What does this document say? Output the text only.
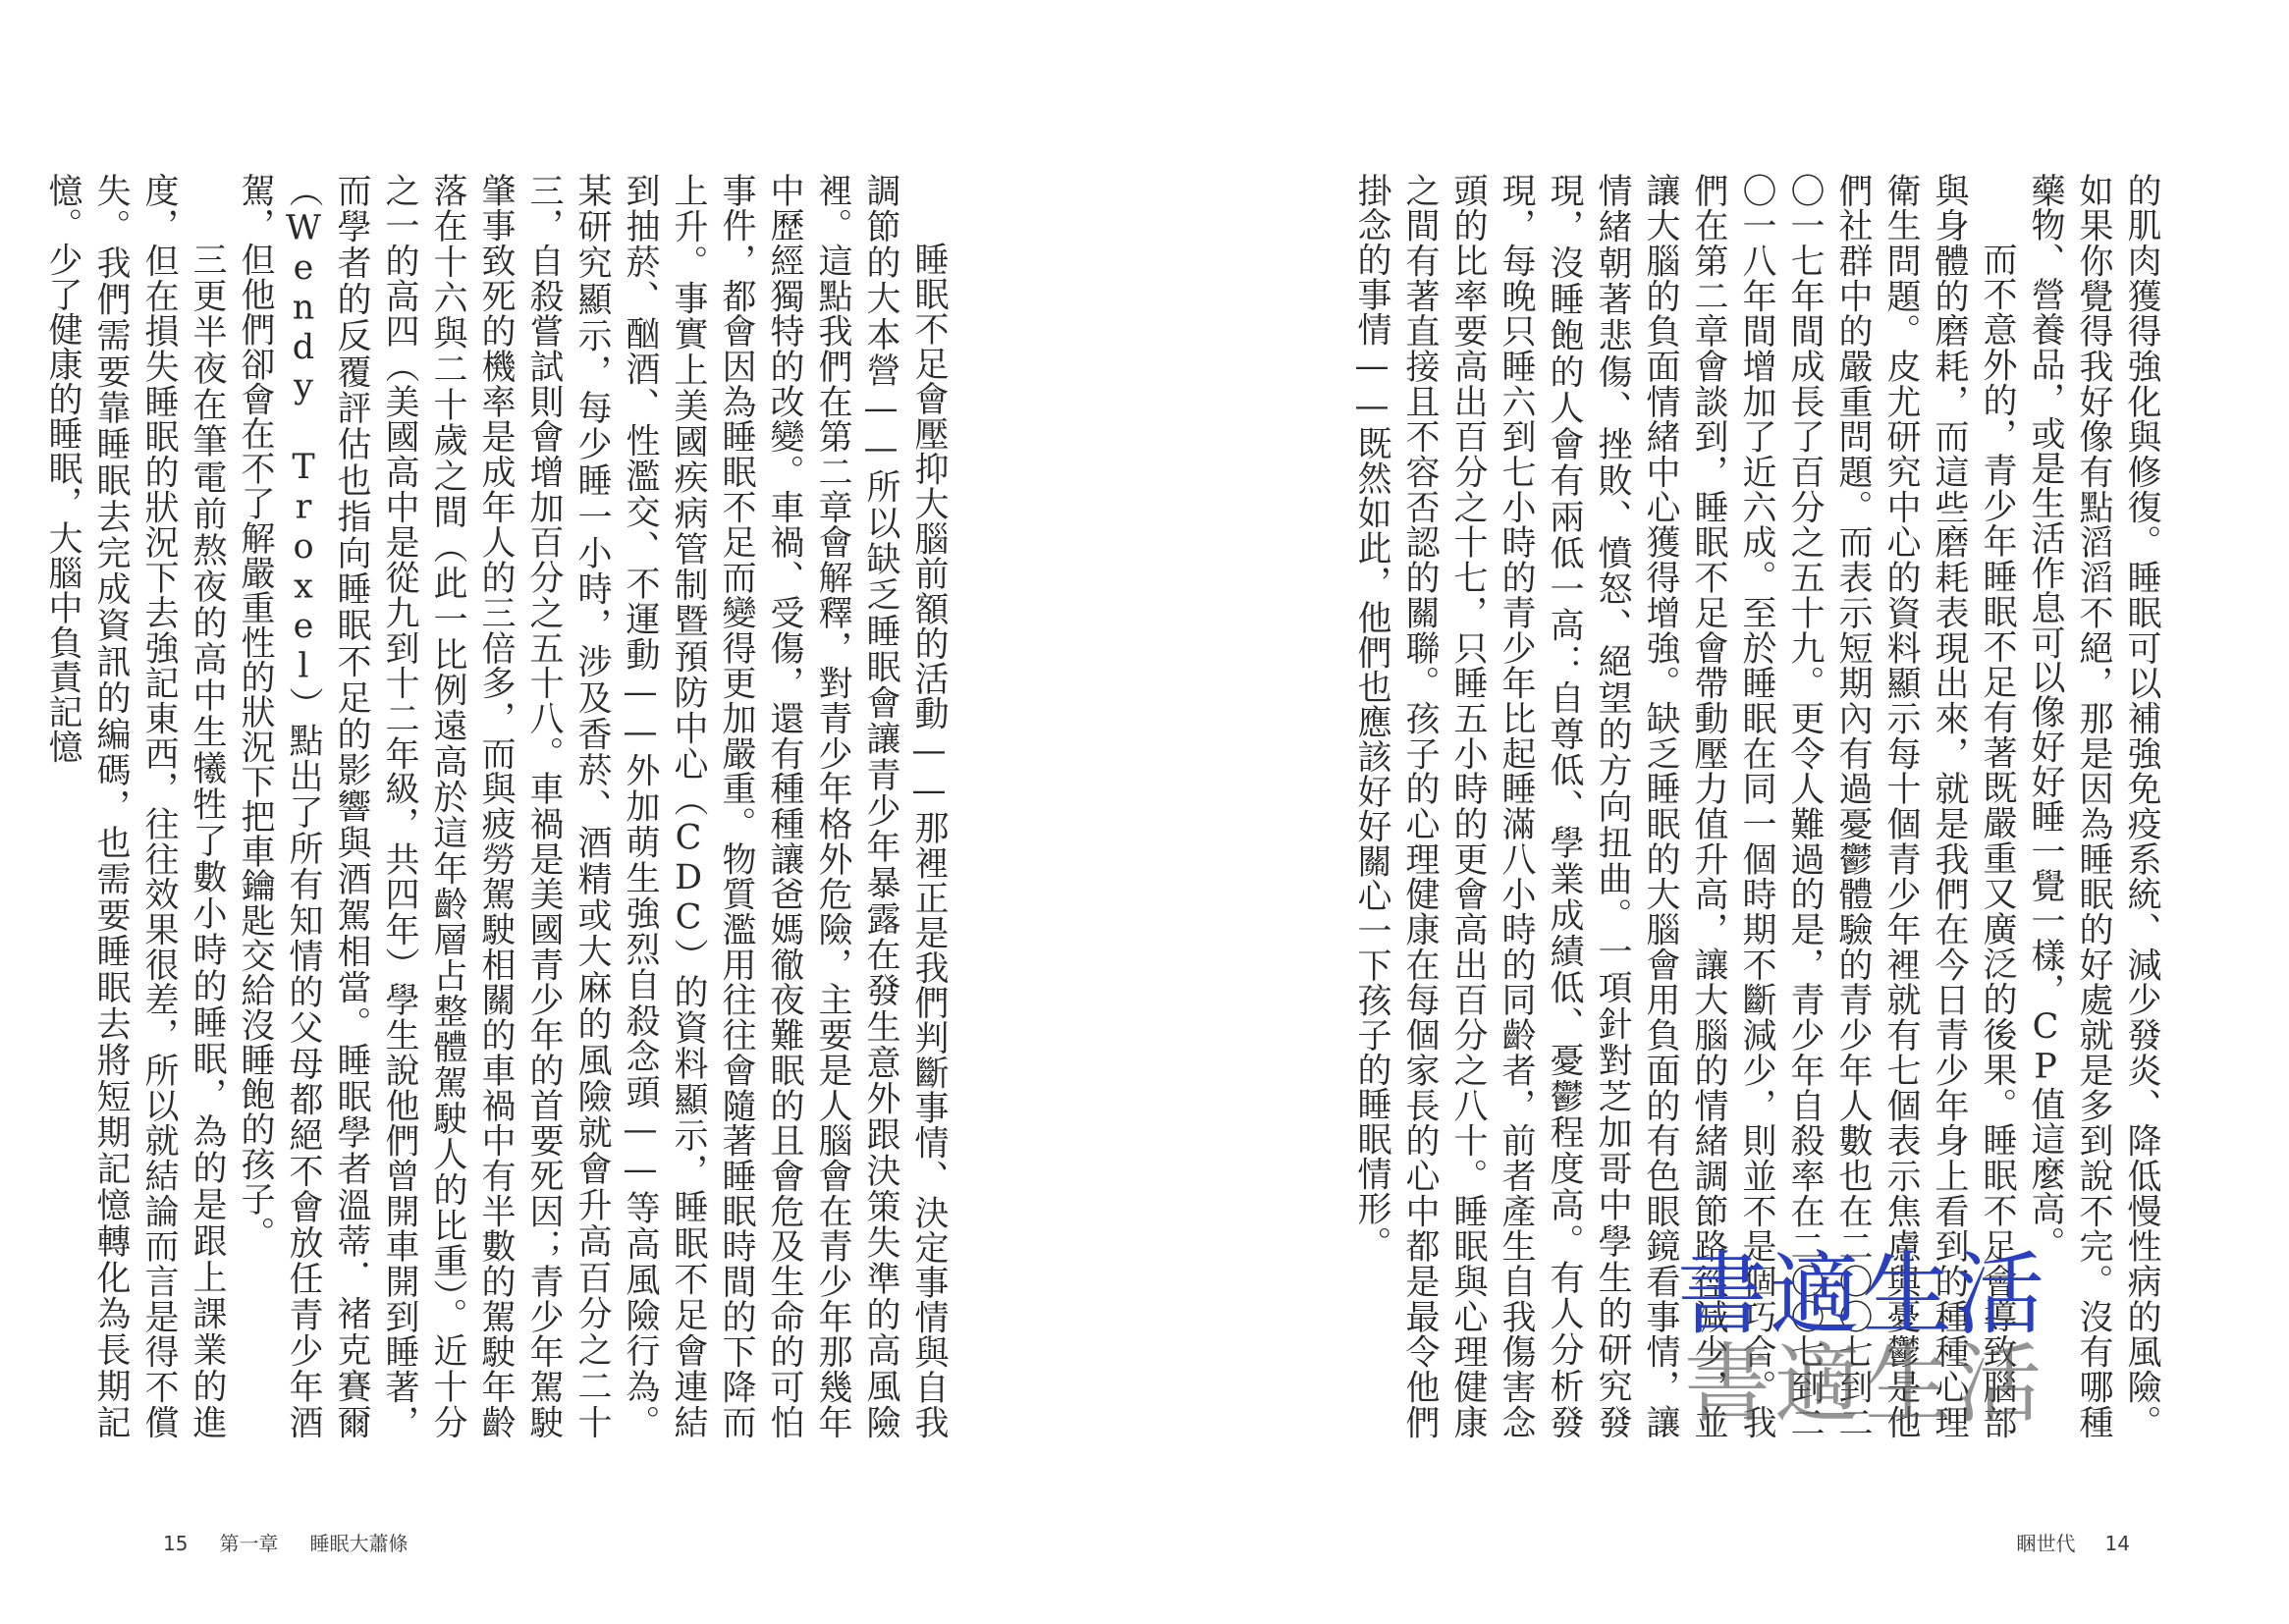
睡眠不足會壓抑大腦前額的活動——那裡正是我們判斷事情、決定事情與自我調節的大本營——所以缺乏睡眠會讓青少年暴露在發生意外跟決策失準的高風險裡。這點我們在第二章會解釋，對青少年格外危險，主要是人腦會在青少年那幾年中歷經獨特的改變。車禍、受傷，還有種種讓爸媽徹夜難眠的且會危及生命的可怕事件，都會因為睡眠不足而變得更加嚴重。物質濫用往往會隨著睡眠時間的下降而上升。事實上美國疾病管制暨預防中心（CDC）的資料顯示，睡眠不足會連結到抽菸、酗酒、性濫交、不運動——外加萌生強烈自殺念頭——等高風險行為。某研究顯示，每少睡一小時，涉及香菸、酒精或大麻的風險就會升高百分之二十三，自殺嘗試則會增加百分之五十八。車禍是美國青少年的首要死因；青少年駕駛肇事致死的機率是成年人的三倍多，而與疲勞駕駛相關的車禍中有半數的駕駛年齡落在十六與二十歲之間（此一比例遠高於這年齡層占整體駕駛人的比重）。近十分之一的高四（美國高中是從九到十二年級，共四年）學生說他們曾開車開到睡著，而學者的反覆評估也指向睡眠不足的影響與酒駕相當。睡眠學者溫蒂．褚克賽爾（Wendy Troxel）點出了所有知情的父母都絕不會放任青少年酒駕，但他們卻會在不了解嚴重性的狀況下把車鑰匙交給沒睡飽的孩子。

三更半夜在筆電前熬夜的高中生犧牲了數小時的睡眠，為的是跟上課業的進度，但在損失睡眠的狀況下去強記東西，往往效果很差，所以就結論而言是得不償失。我們需要靠睡眠去完成資訊的編碼，也需要睡眠去將短期記憶轉化為長期記憶。少了健康的睡眠，大腦中負責記憶

15 第一章 睡眠大蕭條

的肌肉獲得強化與修復。睡眠可以補強免疫系統、減少發炎、降低慢性病的風險。如果你覺得我好像有點滔滔不絕，那是因為睡眠的好處就是多到說不完。沒有哪種藥物、營養品，或是生活作息可以像好好睡一覺一樣，CP值這麼高。

而不意外的，青少年睡眠不足有著既嚴重又廣泛的後果。睡眠不足會導致腦部與身體的磨耗，而這些磨耗表現出來，就是我們在今日青少年身上看到的種種心理衛生問題。皮尤研究中心的資料顯示每十個青少年裡就有七個表示焦慮與憂鬱是他們社群中的嚴重問題。而表示短期內有過憂鬱體驗的青少年人數也在二〇〇七到二〇一七年間成長了百分之五十九。更令人難過的是，青少年自殺率在二〇〇七到二〇一八年間增加了近六成。至於睡眠在同一個時期不斷減少，則並不是個巧合。我們在第二章會談到，睡眠不足會帶動壓力值升高，讓大腦的情緒調節路徑減少，並讓大腦的負面情緒中心獲得增強。缺乏睡眠的大腦會用負面的有色眼鏡看事情，讓情緒朝著悲傷、挫敗、憤怒、絕望的方向扭曲。一項針對芝加哥中學生的研究發現，沒睡飽的人會有兩低一高：自尊低、學業成績低、憂鬱程度高。有人分析發現，每晚只睡六到七小時的青少年比起睡滿八小時的同齡者，前者產生自我傷害念頭的比率要高出百分之十七，只睡五小時的更會高出百分之八十。睡眠與心理健康之間有著直接且不容否認的關聯。孩子的心理健康在每個家長的心中都是最令他們掛念的事情——既然如此，他們也應該好好關心一下孩子的睡眠情形。

睏世代 14
書適生活
書適生活
